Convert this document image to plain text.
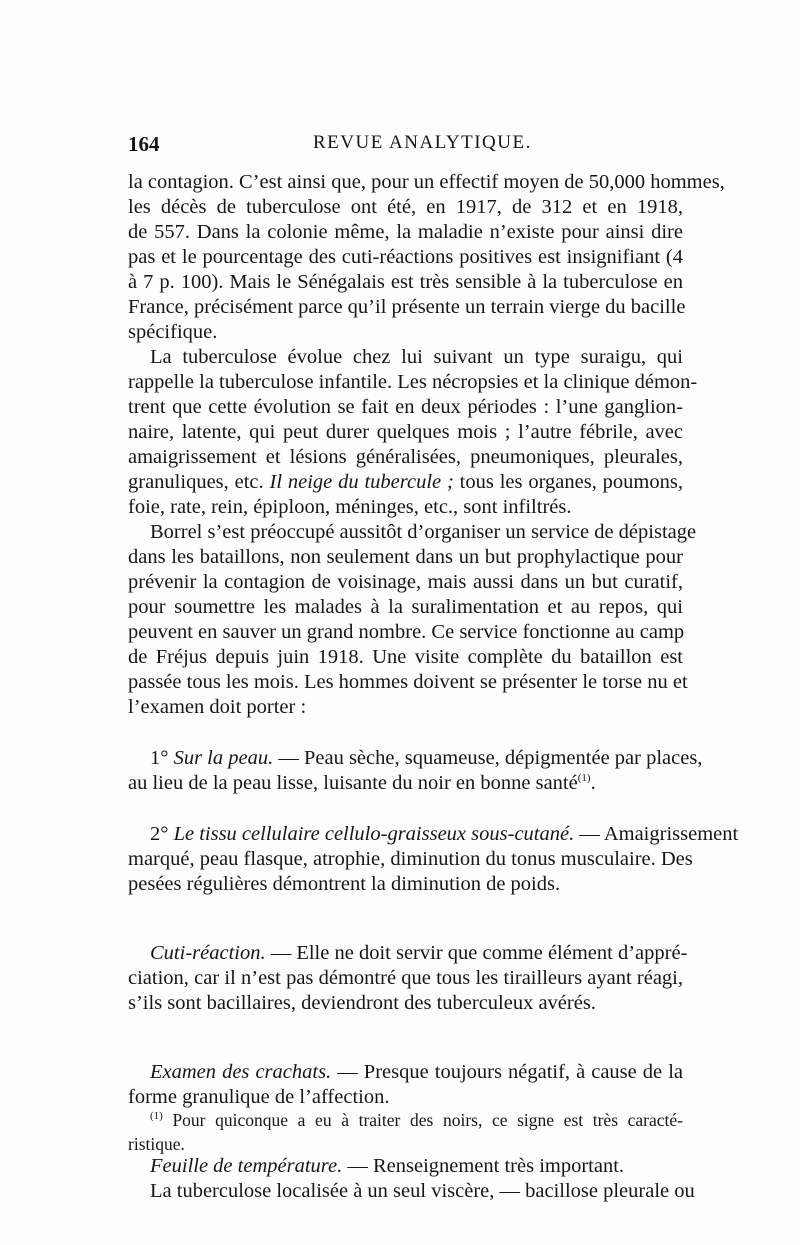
164	REVUE ANALYTIQUE.
la contagion. C’est ainsi que, pour un effectif moyen de 50,000 hommes,
les décès de tuberculose ont été, en 1917, de 312 et en 1918,
de 557. Dans la colonie même, la maladie n’existe pour ainsi dire
pas et le pourcentage des cuti-réactions positives est insignifiant (4
à 7 p. 100). Mais le Sénégalais est très sensible à la tuberculose en
France, précisément parce qu’il présente un terrain vierge du bacille
spécifique.
La tuberculose évolue chez lui suivant un type suraigu, qui
rappelle la tuberculose infantile. Les nécropsies et la clinique démon-
trent que cette évolution se fait en deux périodes : l’une ganglion-
naire, latente, qui peut durer quelques mois ; l’autre fébrile, avec
amaigrissement et lésions généralisées, pneumoniques, pleurales,
granuliques, etc. Il neige du tubercule ; tous les organes, poumons,
foie, rate, rein, épiploon, méninges, etc., sont infiltrés.
Borrel s’est préoccupé aussitôt d’organiser un service de dépistage
dans les bataillons, non seulement dans un but prophylactique pour
prévenir la contagion de voisinage, mais aussi dans un but curatif,
pour soumettre les malades à la suralimentation et au repos, qui
peuvent en sauver un grand nombre. Ce service fonctionne au camp
de Fréjus depuis juin 1918. Une visite complète du bataillon est
passée tous les mois. Les hommes doivent se présenter le torse nu et
l’examen doit porter :
1° Sur la peau. — Peau sèche, squameuse, dépigmentée par places,
au lieu de la peau lisse, luisante du noir en bonne santé$^{(1)}$.
2° Le tissu cellulaire cellulo-graisseux sous-cutané. — Amaigrissement
marqué, peau flasque, atrophie, diminution du tonus musculaire. Des
pesées régulières démontrent la diminution de poids.
Cuti-réaction. — Elle ne doit servir que comme élément d’appré-
ciation, car il n’est pas démontré que tous les tirailleurs ayant réagi,
s’ils sont bacillaires, deviendront des tuberculeux avérés.
Examen des crachats. — Presque toujours négatif, à cause de la
forme granulique de l’affection.
Feuille de température. — Renseignement très important.
La tuberculose localisée à un seul viscère, — bacillose pleurale ou
$^{(1)}$ Pour quiconque a eu à traiter des noirs, ce signe est très caracté-
ristique.
